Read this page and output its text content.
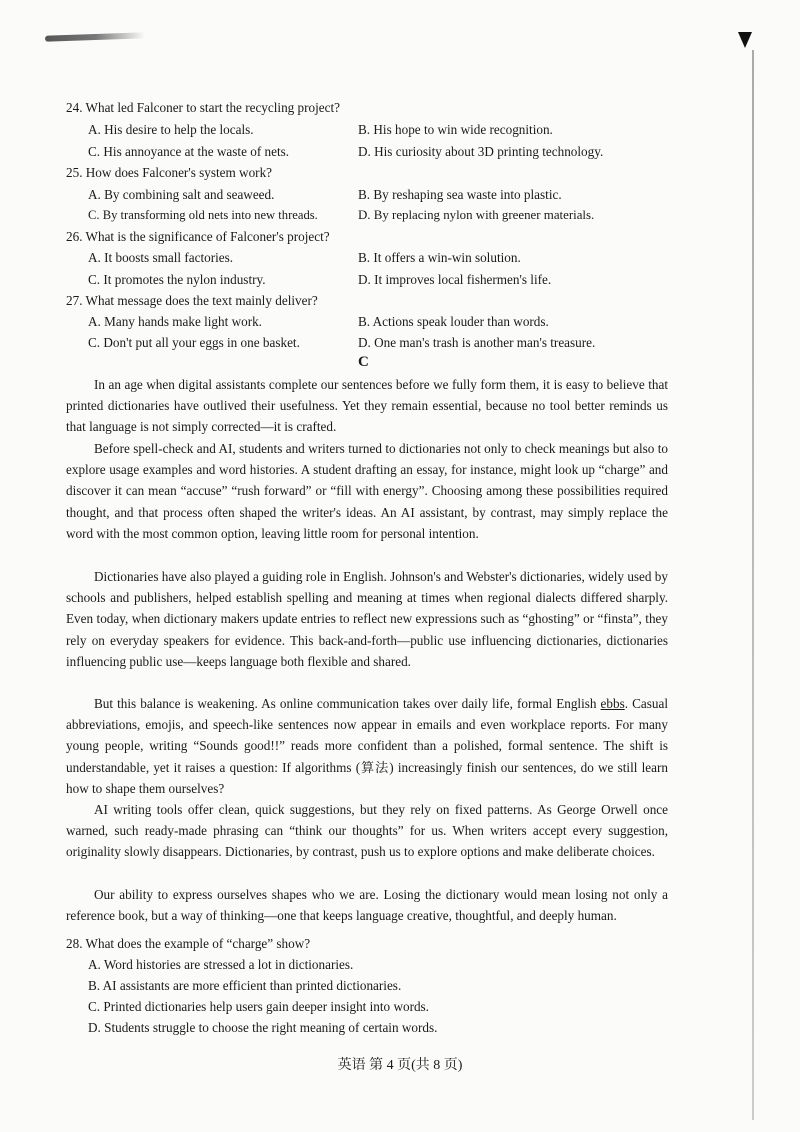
24. What led Falconer to start the recycling project?
A. His desire to help the locals.	B. His hope to win wide recognition.
C. His annoyance at the waste of nets.	D. His curiosity about 3D printing technology.
25. How does Falconer's system work?
A. By combining salt and seaweed.	B. By reshaping sea waste into plastic.
C. By transforming old nets into new threads.	D. By replacing nylon with greener materials.
26. What is the significance of Falconer's project?
A. It boosts small factories.	B. It offers a win-win solution.
C. It promotes the nylon industry.	D. It improves local fishermen's life.
27. What message does the text mainly deliver?
A. Many hands make light work.	B. Actions speak louder than words.
C. Don't put all your eggs in one basket.	D. One man's trash is another man's treasure.
C
In an age when digital assistants complete our sentences before we fully form them, it is easy to believe that printed dictionaries have outlived their usefulness. Yet they remain essential, because no tool better reminds us that language is not simply corrected—it is crafted.
Before spell-check and AI, students and writers turned to dictionaries not only to check meanings but also to explore usage examples and word histories. A student drafting an essay, for instance, might look up “charge” and discover it can mean “accuse” “rush forward” or “fill with energy”. Choosing among these possibilities required thought, and that process often shaped the writer's ideas. An AI assistant, by contrast, may simply replace the word with the most common option, leaving little room for personal intention.
Dictionaries have also played a guiding role in English. Johnson's and Webster's dictionaries, widely used by schools and publishers, helped establish spelling and meaning at times when regional dialects differed sharply. Even today, when dictionary makers update entries to reflect new expressions such as “ghosting” or “finsta”, they rely on everyday speakers for evidence. This back-and-forth—public use influencing dictionaries, dictionaries influencing public use—keeps language both flexible and shared.
But this balance is weakening. As online communication takes over daily life, formal English ebbs. Casual abbreviations, emojis, and speech-like sentences now appear in emails and even workplace reports. For many young people, writing “Sounds good!!” reads more confident than a polished, formal sentence. The shift is understandable, yet it raises a question: If algorithms (算法) increasingly finish our sentences, do we still learn how to shape them ourselves?
AI writing tools offer clean, quick suggestions, but they rely on fixed patterns. As George Orwell once warned, such ready-made phrasing can “think our thoughts” for us. When writers accept every suggestion, originality slowly disappears. Dictionaries, by contrast, push us to explore options and make deliberate choices.
Our ability to express ourselves shapes who we are. Losing the dictionary would mean losing not only a reference book, but a way of thinking—one that keeps language creative, thoughtful, and deeply human.
28. What does the example of “charge” show?
A. Word histories are stressed a lot in dictionaries.
B. AI assistants are more efficient than printed dictionaries.
C. Printed dictionaries help users gain deeper insight into words.
D. Students struggle to choose the right meaning of certain words.
英语 第 4 页(共 8 页)
